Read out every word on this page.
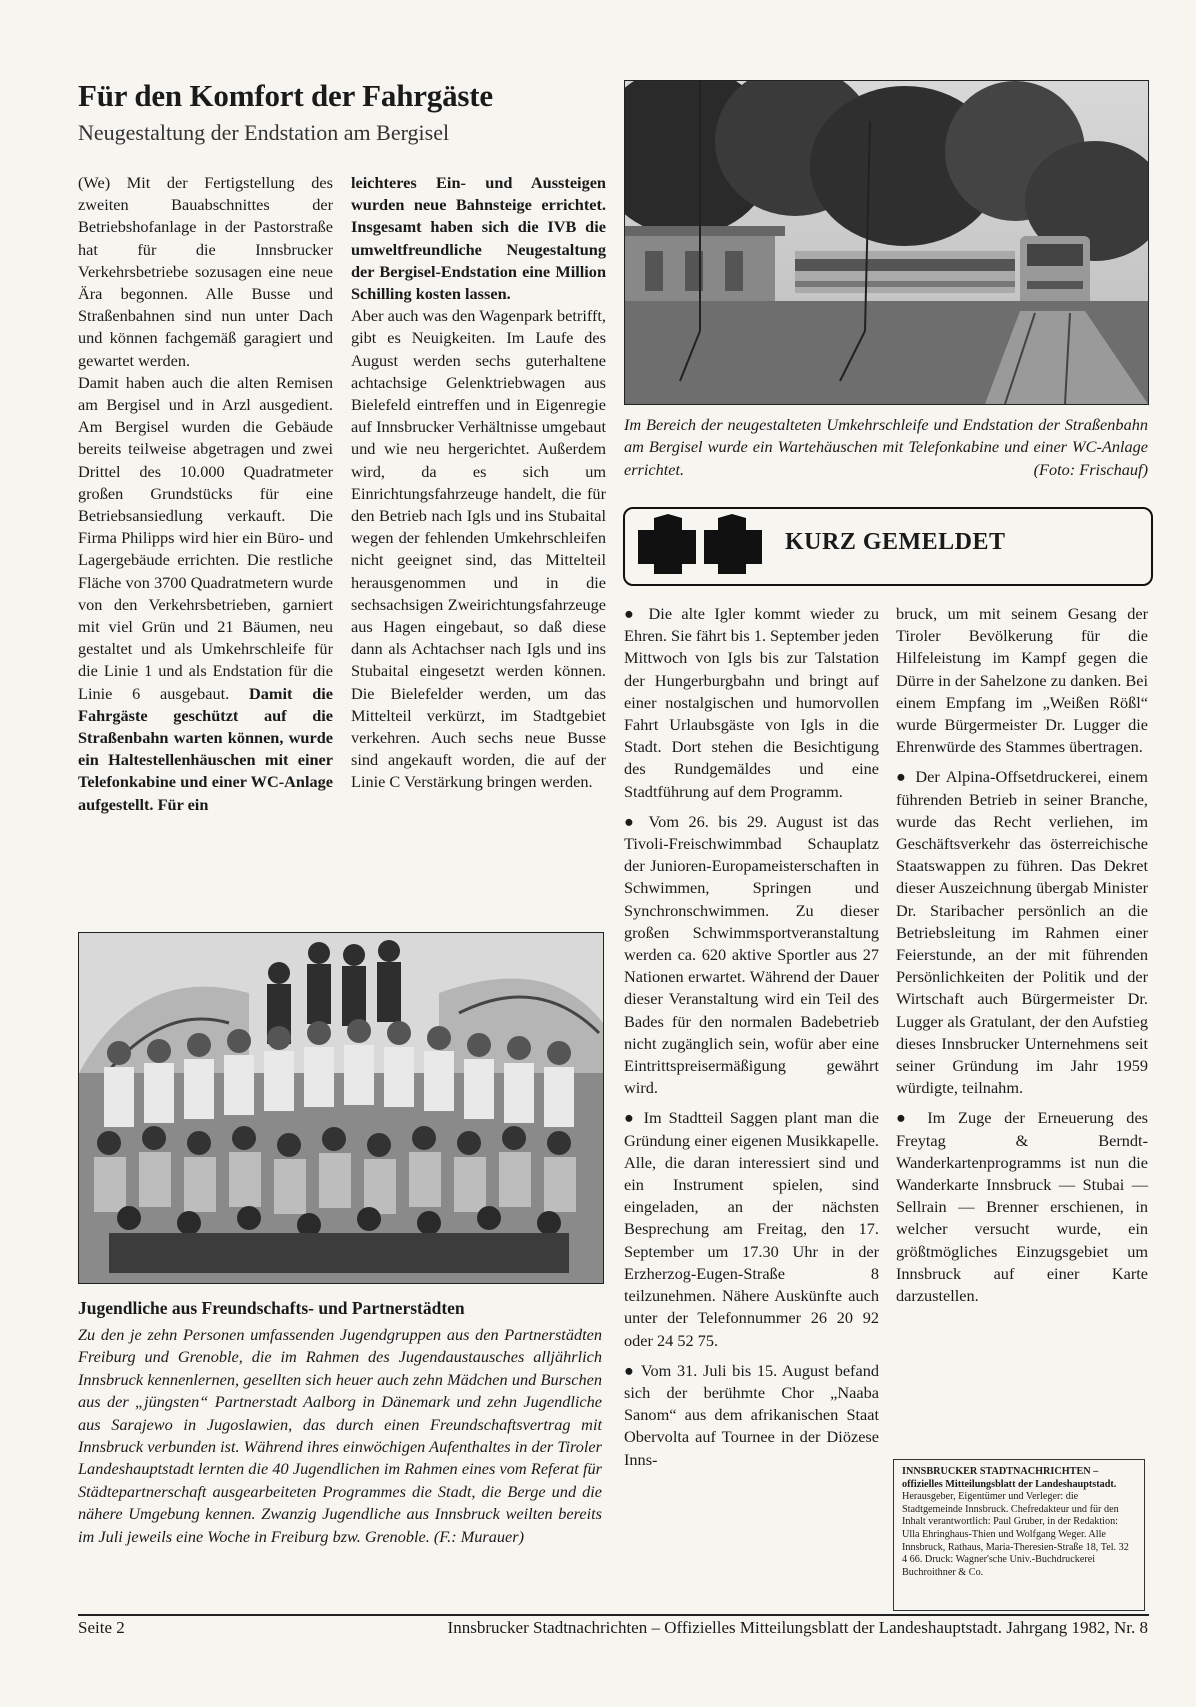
Für den Komfort der Fahrgäste
Neugestaltung der Endstation am Bergisel

(We) Mit der Fertigstellung des zweiten Bauabschnittes der Betriebshofanlage in der Pastorstraße hat für die Innsbrucker Verkehrsbetriebe sozusagen eine neue Ära begonnen. Alle Busse und Straßenbahnen sind nun unter Dach und können fachgemäß garagiert und gewartet werden.

Damit haben auch die alten Remisen am Bergisel und in Arzl ausgedient. Am Bergisel wurden die Gebäude bereits teilweise abgetragen und zwei Drittel des 10.000 Quadratmeter großen Grundstücks für eine Betriebsansiedlung verkauft. Die Firma Philipps wird hier ein Büro- und Lagergebäude errichten. Die restliche Fläche von 3700 Quadratmetern wurde von den Verkehrsbetrieben, garniert mit viel Grün und 21 Bäumen, neu gestaltet und als Umkehrschleife für die Linie 1 und als Endstation für die Linie 6 ausgebaut. Damit die Fahrgäste geschützt auf die Straßenbahn warten können, wurde ein Haltestellenhäuschen mit einer Telefonkabine und einer WC-Anlage aufgestellt. Für ein

leichteres Ein- und Aussteigen wurden neue Bahnsteige errichtet. Insgesamt haben sich die IVB die umweltfreundliche Neugestaltung der Bergisel-Endstation eine Million Schilling kosten lassen.

Aber auch was den Wagenpark betrifft, gibt es Neuigkeiten. Im Laufe des August werden sechs guterhaltene achtachsige Gelenktriebwagen aus Bielefeld eintreffen und in Eigenregie auf Innsbrucker Verhältnisse umgebaut und wie neu hergerichtet. Außerdem wird, da es sich um Einrichtungsfahrzeuge handelt, die für den Betrieb nach Igls und ins Stubaital wegen der fehlenden Umkehrschleifen nicht geeignet sind, das Mittelteil herausgenommen und in die sechsachsigen Zweirichtungsfahrzeuge aus Hagen eingebaut, so daß diese dann als Achtachser nach Igls und ins Stubaital eingesetzt werden können. Die Bielefelder werden, um das Mittelteil verkürzt, im Stadtgebiet verkehren. Auch sechs neue Busse sind angekauft worden, die auf der Linie C Verstärkung bringen werden.

Im Bereich der neugestalteten Umkehrschleife und Endstation der Straßenbahn am Bergisel wurde ein Wartehäuschen mit Telefonkabine und einer WC-Anlage errichtet.	(Foto: Frischauf)
KURZ GEMELDET

● Die alte Igler kommt wieder zu Ehren. Sie fährt bis 1. September jeden Mittwoch von Igls bis zur Talstation der Hungerburgbahn und bringt auf einer nostalgischen und humorvollen Fahrt Urlaubsgäste von Igls in die Stadt. Dort stehen die Besichtigung des Rundgemäldes und eine Stadtführung auf dem Programm.

● Vom 26. bis 29. August ist das Tivoli-Freischwimmbad Schauplatz der Junioren-Europameisterschaften in Schwimmen, Springen und Synchronschwimmen. Zu dieser großen Schwimmsportveranstaltung werden ca. 620 aktive Sportler aus 27 Nationen erwartet. Während der Dauer dieser Veranstaltung wird ein Teil des Bades für den normalen Badebetrieb nicht zugänglich sein, wofür aber eine Eintrittspreisermäßigung gewährt wird.

● Im Stadtteil Saggen plant man die Gründung einer eigenen Musikkapelle. Alle, die daran interessiert sind und ein Instrument spielen, sind eingeladen, an der nächsten Besprechung am Freitag, den 17. September um 17.30 Uhr in der Erzherzog-Eugen-Straße 8 teilzunehmen. Nähere Auskünfte auch unter der Telefonnummer 26 20 92 oder 24 52 75.

● Vom 31. Juli bis 15. August befand sich der berühmte Chor „Naaba Sanom“ aus dem afrikanischen Staat Obervolta auf Tournee in der Diözese Inns-

bruck, um mit seinem Gesang der Tiroler Bevölkerung für die Hilfeleistung im Kampf gegen die Dürre in der Sahelzone zu danken. Bei einem Empfang im „Weißen Rößl“ wurde Bürgermeister Dr. Lugger die Ehrenwürde des Stammes übertragen.

● Der Alpina-Offsetdruckerei, einem führenden Betrieb in seiner Branche, wurde das Recht verliehen, im Geschäftsverkehr das österreichische Staatswappen zu führen. Das Dekret dieser Auszeichnung übergab Minister Dr. Staribacher persönlich an die Betriebsleitung im Rahmen einer Feierstunde, an der mit führenden Persönlichkeiten der Politik und der Wirtschaft auch Bürgermeister Dr. Lugger als Gratulant, der den Aufstieg dieses Innsbrucker Unternehmens seit seiner Gründung im Jahr 1959 würdigte, teilnahm.

● Im Zuge der Erneuerung des Freytag & Berndt-Wanderkartenprogramms ist nun die Wanderkarte Innsbruck — Stubai — Sellrain — Brenner erschienen, in welcher versucht wurde, ein größtmögliches Einzugsgebiet um Innsbruck auf einer Karte darzustellen.

INNSBRUCKER STADTNACHRICHTEN – offizielles Mitteilungsblatt der Landeshauptstadt. Herausgeber, Eigentümer und Verleger: die Stadtgemeinde Innsbruck. Chefredakteur und für den Inhalt verantwortlich: Paul Gruber, in der Redaktion: Ulla Ehringhaus-Thien und Wolfgang Weger. Alle Innsbruck, Rathaus, Maria-Theresien-Straße 18, Tel. 32 4 66. Druck: Wagner'sche Univ.-Buchdruckerei Buchroithner & Co.
Jugendliche aus Freundschafts- und Partnerstädten
Zu den je zehn Personen umfassenden Jugendgruppen aus den Partnerstädten Freiburg und Grenoble, die im Rahmen des Jugendaustausches alljährlich Innsbruck kennenlernen, gesellten sich heuer auch zehn Mädchen und Burschen aus der „jüngsten“ Partnerstadt Aalborg in Dänemark und zehn Jugendliche aus Sarajewo in Jugoslawien, das durch einen Freundschaftsvertrag mit Innsbruck verbunden ist. Während ihres einwöchigen Aufenthaltes in der Tiroler Landeshauptstadt lernten die 40 Jugendlichen im Rahmen eines vom Referat für Städtepartnerschaft ausgearbeiteten Programmes die Stadt, die Berge und die nähere Umgebung kennen. Zwanzig Jugendliche aus Innsbruck weilten bereits im Juli jeweils eine Woche in Freiburg bzw. Grenoble. (F.: Murauer)
Seite 2	Innsbrucker Stadtnachrichten – Offizielles Mitteilungsblatt der Landeshauptstadt. Jahrgang 1982, Nr. 8
